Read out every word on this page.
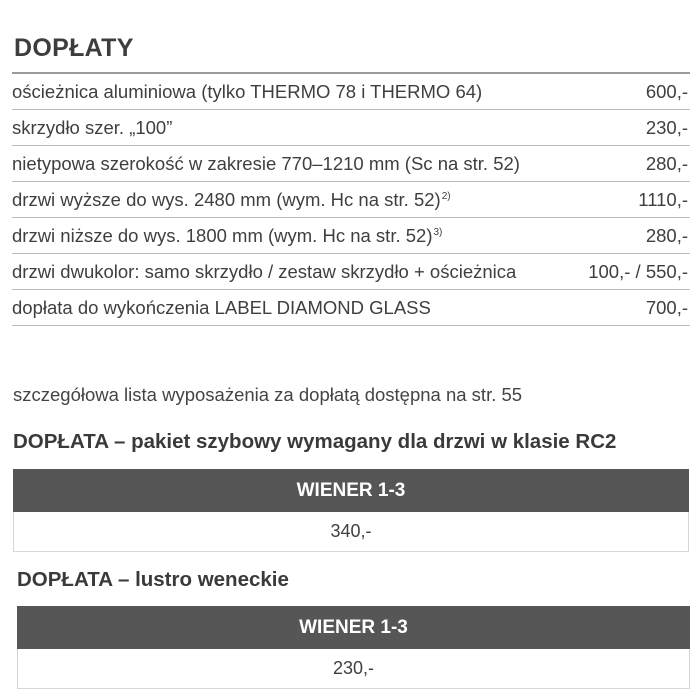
DOPŁATY
ościeżnica aluminiowa (tylko THERMO 78 i THERMO 64)	600,-
skrzydło szer. „100”	230,-
nietypowa szerokość w zakresie 770–1210 mm (Sc na str. 52)	280,-
drzwi wyższe do wys. 2480 mm (wym. Hc na str. 52)$^{2)}$	1110,-
drzwi niższe do wys. 1800 mm (wym. Hc na str. 52)$^{3)}$	280,-
drzwi dwukolor: samo skrzydło / zestaw skrzydło + ościeżnica	100,- / 550,-
dopłata do wykończenia LABEL DIAMOND GLASS	700,-
szczegółowa lista wyposażenia za dopłatą dostępna na str. 55
DOPŁATA – pakiet szybowy wymagany dla drzwi w klasie RC2
WIENER 1-3
340,-
DOPŁATA – lustro weneckie
WIENER 1-3
230,-
